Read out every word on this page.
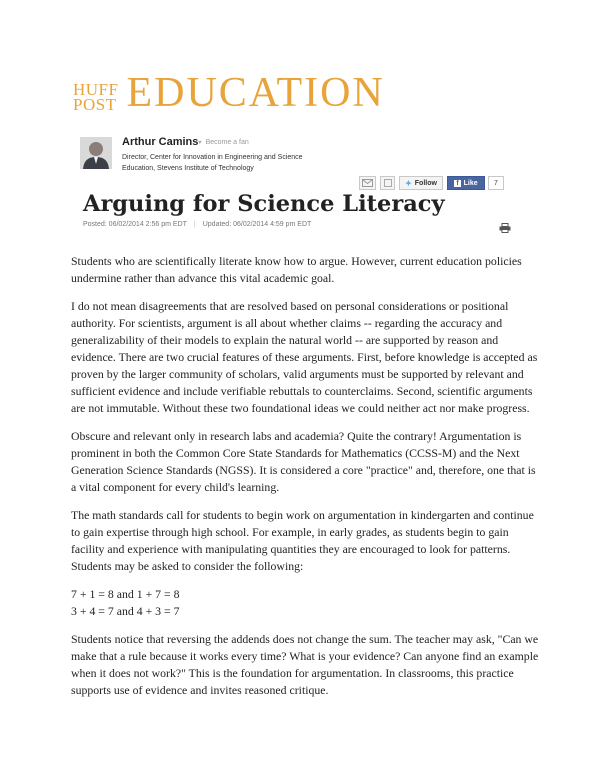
HUFF
POST EDUCATION
Arthur Camins ♥ Become a fan
Director, Center for Innovation in Engineering and Science
Education, Stevens Institute of Technology
✦ Follow	f Like	7
Arguing for Science Literacy
Posted: 06/02/2014 2:56 pm EDT | Updated: 06/02/2014 4:59 pm EDT

Students who are scientifically literate know how to argue. However, current education policies undermine rather than advance this vital academic goal.

I do not mean disagreements that are resolved based on personal considerations or positional authority. For scientists, argument is all about whether claims -- regarding the accuracy and generalizability of their models to explain the natural world -- are supported by reason and evidence. There are two crucial features of these arguments. First, before knowledge is accepted as proven by the larger community of scholars, valid arguments must be supported by relevant and sufficient evidence and include verifiable rebuttals to counterclaims. Second, scientific arguments are not immutable. Without these two foundational ideas we could neither act nor make progress.

Obscure and relevant only in research labs and academia? Quite the contrary! Argumentation is prominent in both the Common Core State Standards for Mathematics (CCSS-M) and the Next Generation Science Standards (NGSS). It is considered a core "practice" and, therefore, one that is a vital component for every child's learning.

The math standards call for students to begin work on argumentation in kindergarten and continue to gain expertise through high school. For example, in early grades, as students begin to gain facility and experience with manipulating quantities they are encouraged to look for patterns. Students may be asked to consider the following:

7 + 1 = 8 and 1 + 7 = 8

3 + 4 = 7 and 4 + 3 = 7

Students notice that reversing the addends does not change the sum. The teacher may ask, "Can we make that a rule because it works every time? What is your evidence? Can anyone find an example when it does not work?" This is the foundation for argumentation. In classrooms, this practice supports use of evidence and invites reasoned critique.
